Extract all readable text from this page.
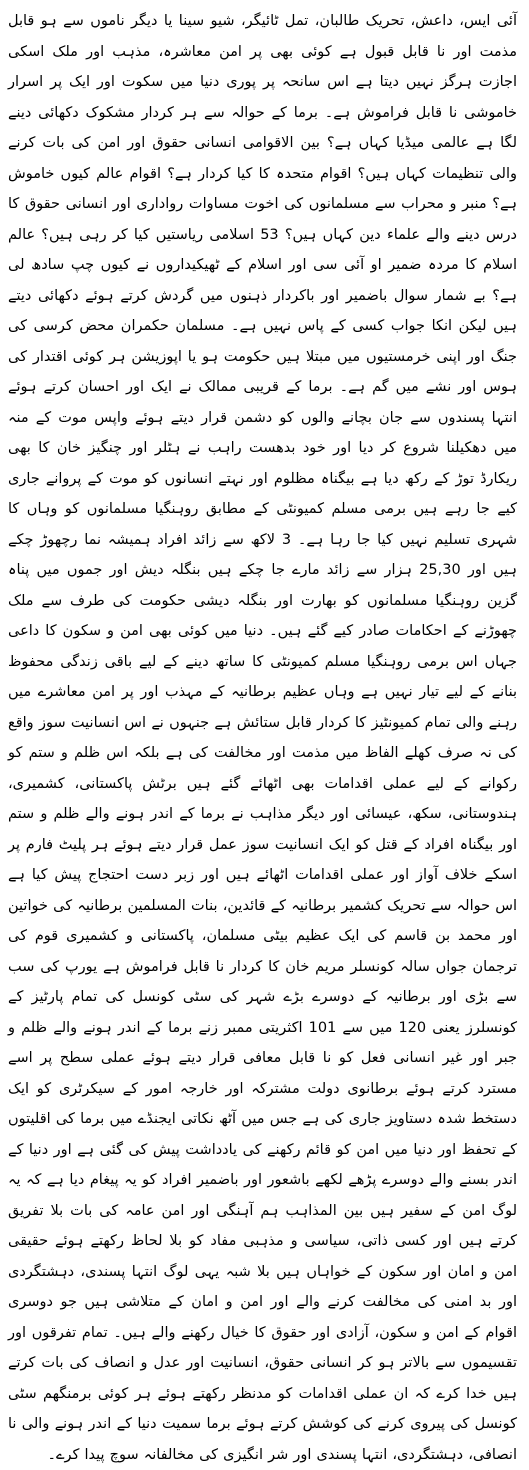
آئی ایس، داعش، تحریک طالبان، تمل ٹائیگر، شیو سینا یا دیگر ناموں سے ہو قابل مذمت اور نا قابل قبول ہے کوئی بھی پر امن معاشرہ، مذہب اور ملک اسکی اجازت ہرگز نہیں دیتا ہے اس سانحہ پر پوری دنیا میں سکوت اور ایک پر اسرار خاموشی نا قابل فراموش ہے۔ برما کے حوالہ سے ہر کردار مشکوک دکھائی دینے لگا ہے عالمی میڈیا کہاں ہے؟ بین الاقوامی انسانی حقوق اور امن کی بات کرنے والی تنظیمات کہاں ہیں؟ اقوام متحدہ کا کیا کردار ہے؟ اقوام عالم کیوں خاموش ہے؟ منبر و محراب سے مسلمانوں کی اخوت مساوات رواداری اور انسانی حقوق کا درس دینے والے علماء دین کہاں ہیں؟ 53 اسلامی ریاستیں کیا کر رہی ہیں؟ عالم اسلام کا مردہ ضمیر او آئی سی اور اسلام کے ٹھیکیداروں نے کیوں چپ سادھ لی ہے؟ بے شمار سوال باضمیر اور باکردار ذہنوں میں گردش کرتے ہوئے دکھائی دیتے ہیں لیکن انکا جواب کسی کے پاس نہیں ہے۔ مسلمان حکمران محض کرسی کی جنگ اور اپنی خرمستیوں میں مبتلا ہیں حکومت ہو یا اپوزیشن ہر کوئی اقتدار کی ہوس اور نشے میں گم ہے۔ برما کے قریبی ممالک نے ایک اور احسان کرتے ہوئے انتہا پسندوں سے جان بچانے والوں کو دشمن قرار دیتے ہوئے واپس موت کے منہ میں دھکیلنا شروع کر دیا اور خود بدھست راہب نے ہٹلر اور چنگیز خان کا بھی ریکارڈ توڑ کے رکھ دیا ہے بیگناہ مظلوم اور نہتے انسانوں کو موت کے پروانے جاری کیے جا رہے ہیں برمی مسلم کمیونٹی کے مطابق روہنگیا مسلمانوں کو وہاں کا شہری تسلیم نہیں کیا جا رہا ہے۔ 3 لاکھ سے زائد افراد ہمیشہ نما رچھوڑ چکے ہیں اور 25,30 ہزار سے زائد مارے جا چکے ہیں بنگلہ دیش اور جموں میں پناہ گزین روہنگیا مسلمانوں کو بھارت اور بنگلہ دیشی حکومت کی طرف سے ملک چھوڑنے کے احکامات صادر کیے گئے ہیں۔ دنیا میں کوئی بھی امن و سکون کا داعی جہاں اس برمی روہنگیا مسلم کمیونٹی کا ساتھ دینے کے لیے باقی زندگی محفوظ بنانے کے لیے تیار نہیں ہے وہاں عظیم برطانیہ کے مہذب اور پر امن معاشرے میں رہنے والی تمام کمیونٹیز کا کردار قابل ستائش ہے جنہوں نے اس انسانیت سوز واقع کی نہ صرف کھلے الفاظ میں مذمت اور مخالفت کی ہے بلکہ اس ظلم و ستم کو رکوانے کے لیے عملی اقدامات بھی اٹھائے گئے ہیں برٹش پاکستانی، کشمیری، ہندوستانی، سکھ، عیسائی اور دیگر مذاہب نے برما کے اندر ہونے والے ظلم و ستم اور بیگناہ افراد کے قتل کو ایک انسانیت سوز عمل قرار دیتے ہوئے ہر پلیٹ فارم پر اسکے خلاف آواز اور عملی اقدامات اٹھائے ہیں اور زبر دست احتجاج پیش کیا ہے اس حوالہ سے تحریک کشمیر برطانیہ کے قائدین، بنات المسلمین برطانیہ کی خواتین اور محمد بن قاسم کی ایک عظیم بیٹی مسلمان، پاکستانی و کشمیری قوم کی ترجمان جواں سالہ کونسلر مریم خان کا کردار نا قابل فراموش ہے یورپ کی سب سے بڑی اور برطانیہ کے دوسرے بڑے شہر کی سٹی کونسل کی تمام پارٹیز کے کونسلرز یعنی 120 میں سے 101 اکثریتی ممبر زنے برما کے اندر ہونے والے ظلم و جبر اور غیر انسانی فعل کو نا قابل معافی قرار دیتے ہوئے عملی سطح پر اسے مسترد کرتے ہوئے برطانوی دولت مشترکہ اور خارجہ امور کے سیکرٹری کو ایک دستخط شدہ دستاویز جاری کی ہے جس میں آٹھ نکاتی ایجنڈے میں برما کی اقلیتوں کے تحفظ اور دنیا میں امن کو قائم رکھنے کی یادداشت پیش کی گئی ہے اور دنیا کے اندر بسنے والے دوسرے پڑھے لکھے باشعور اور باضمیر افراد کو یہ پیغام دیا ہے کہ یہ لوگ امن کے سفیر ہیں بین المذاہب ہم آہنگی اور امن عامہ کی بات بلا تفریق کرتے ہیں اور کسی ذاتی، سیاسی و مذہبی مفاد کو بلا لحاظ رکھتے ہوئے حقیقی امن و امان اور سکون کے خواہاں ہیں بلا شبہ یہی لوگ انتہا پسندی، دہشتگردی اور بد امنی کی مخالفت کرنے والے اور امن و امان کے متلاشی ہیں جو دوسری اقوام کے امن و سکون، آزادی اور حقوق کا خیال رکھنے والے ہیں۔ تمام تفرقوں اور تقسیموں سے بالاتر ہو کر انسانی حقوق، انسانیت اور عدل و انصاف کی بات کرتے ہیں خدا کرے کہ ان عملی اقدامات کو مدنظر رکھتے ہوئے ہر کوئی برمنگھم سٹی کونسل کی پیروی کرنے کی کوشش کرتے ہوئے برما سمیت دنیا کے اندر ہونے والی نا انصافی، دہشتگردی، انتہا پسندی اور شر انگیزی کی مخالفانہ سوچ پیدا کرے۔
